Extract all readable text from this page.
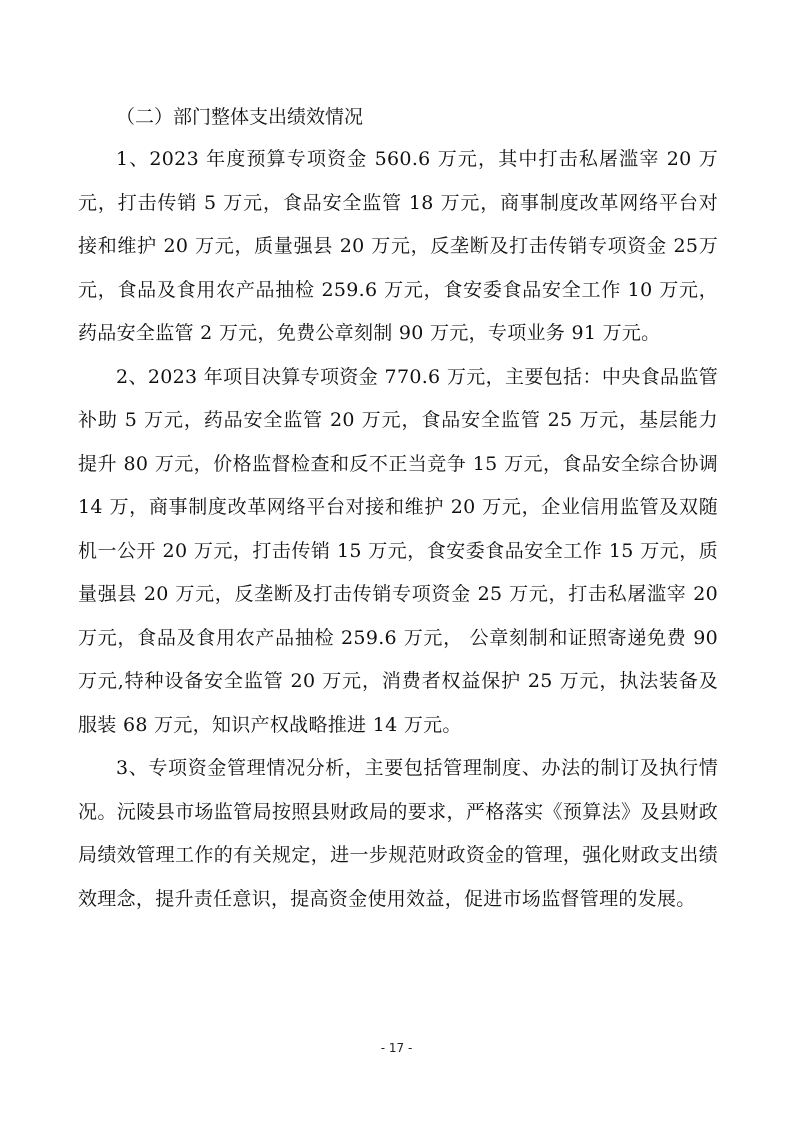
（二）部门整体支出绩效情况

1、2023 年度预算专项资金 560.6 万元，其中打击私屠滥宰 20 万元，打击传销 5 万元，食品安全监管 18 万元，商事制度改革网络平台对接和维护 20 万元，质量强县 20 万元，反垄断及打击传销专项资金 25万元，食品及食用农产品抽检 259.6 万元，食安委食品安全工作 10 万元，药品安全监管 2 万元，免费公章刻制 90 万元，专项业务 91 万元。

2、2023 年项目决算专项资金 770.6 万元，主要包括：中央食品监管补助 5 万元，药品安全监管 20 万元，食品安全监管 25 万元，基层能力提升 80 万元，价格监督检查和反不正当竞争 15 万元，食品安全综合协调 14 万，商事制度改革网络平台对接和维护 20 万元，企业信用监管及双随机一公开 20 万元，打击传销 15 万元，食安委食品安全工作 15 万元，质量强县 20 万元，反垄断及打击传销专项资金 25 万元，打击私屠滥宰 20 万元，食品及食用农产品抽检 259.6 万元， 公章刻制和证照寄递免费 90 万元,特种设备安全监管 20 万元，消费者权益保护 25 万元，执法装备及服装 68 万元，知识产权战略推进 14 万元。

3、专项资金管理情况分析，主要包括管理制度、办法的制订及执行情况。沅陵县市场监管局按照县财政局的要求，严格落实《预算法》及县财政局绩效管理工作的有关规定，进一步规范财政资金的管理，强化财政支出绩效理念，提升责任意识，提高资金使用效益，促进市场监督管理的发展。

- 17 -
